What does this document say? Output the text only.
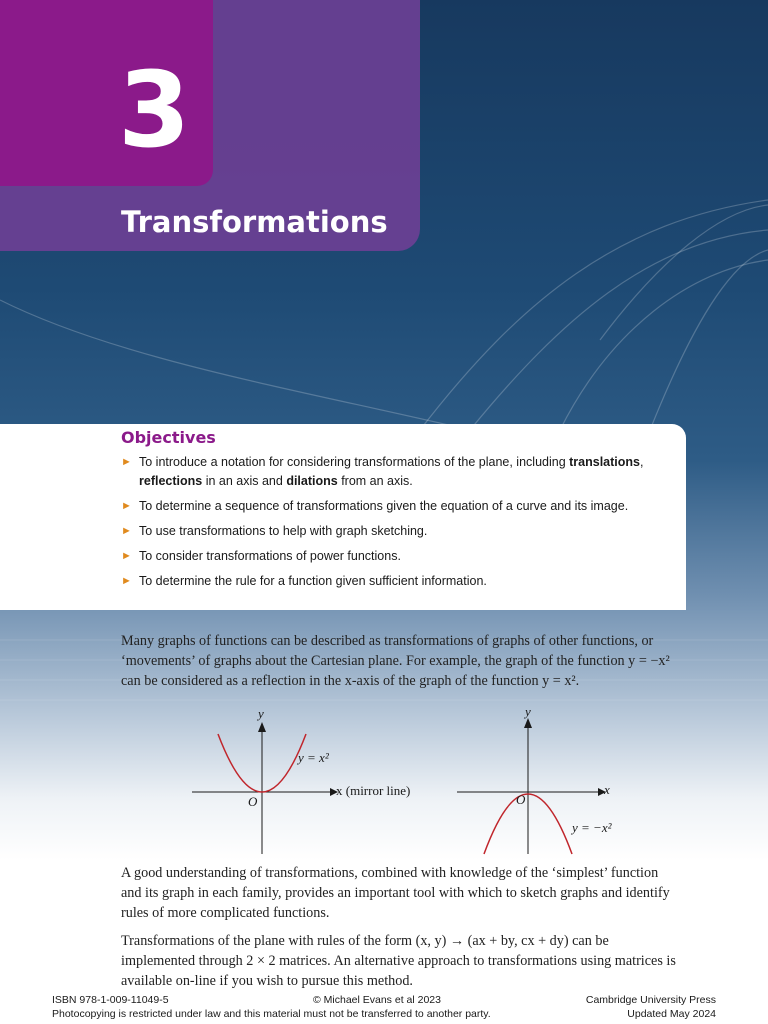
3
Transformations
Objectives
► To introduce a notation for considering transformations of the plane, including translations, reflections in an axis and dilations from an axis.
► To determine a sequence of transformations given the equation of a curve and its image.
► To use transformations to help with graph sketching.
► To consider transformations of power functions.
► To determine the rule for a function given sufficient information.
Many graphs of functions can be described as transformations of graphs of other functions, or ‘movements’ of graphs about the Cartesian plane. For example, the graph of the function y = −x² can be considered as a reflection in the x-axis of the graph of the function y = x².
y
O
y = x²
x (mirror line)
y
O
y = −x²
x
A good understanding of transformations, combined with knowledge of the ‘simplest’ function and its graph in each family, provides an important tool with which to sketch graphs and identify rules of more complicated functions.
Transformations of the plane with rules of the form (x, y) → (ax + by, cx + dy) can be implemented through 2 × 2 matrices. An alternative approach to transformations using matrices is available on-line if you wish to pursue this method.
ISBN 978-1-009-11049-5	© Michael Evans et al 2023	Cambridge University Press
Photocopying is restricted under law and this material must not be transferred to another party.	Updated May 2024
